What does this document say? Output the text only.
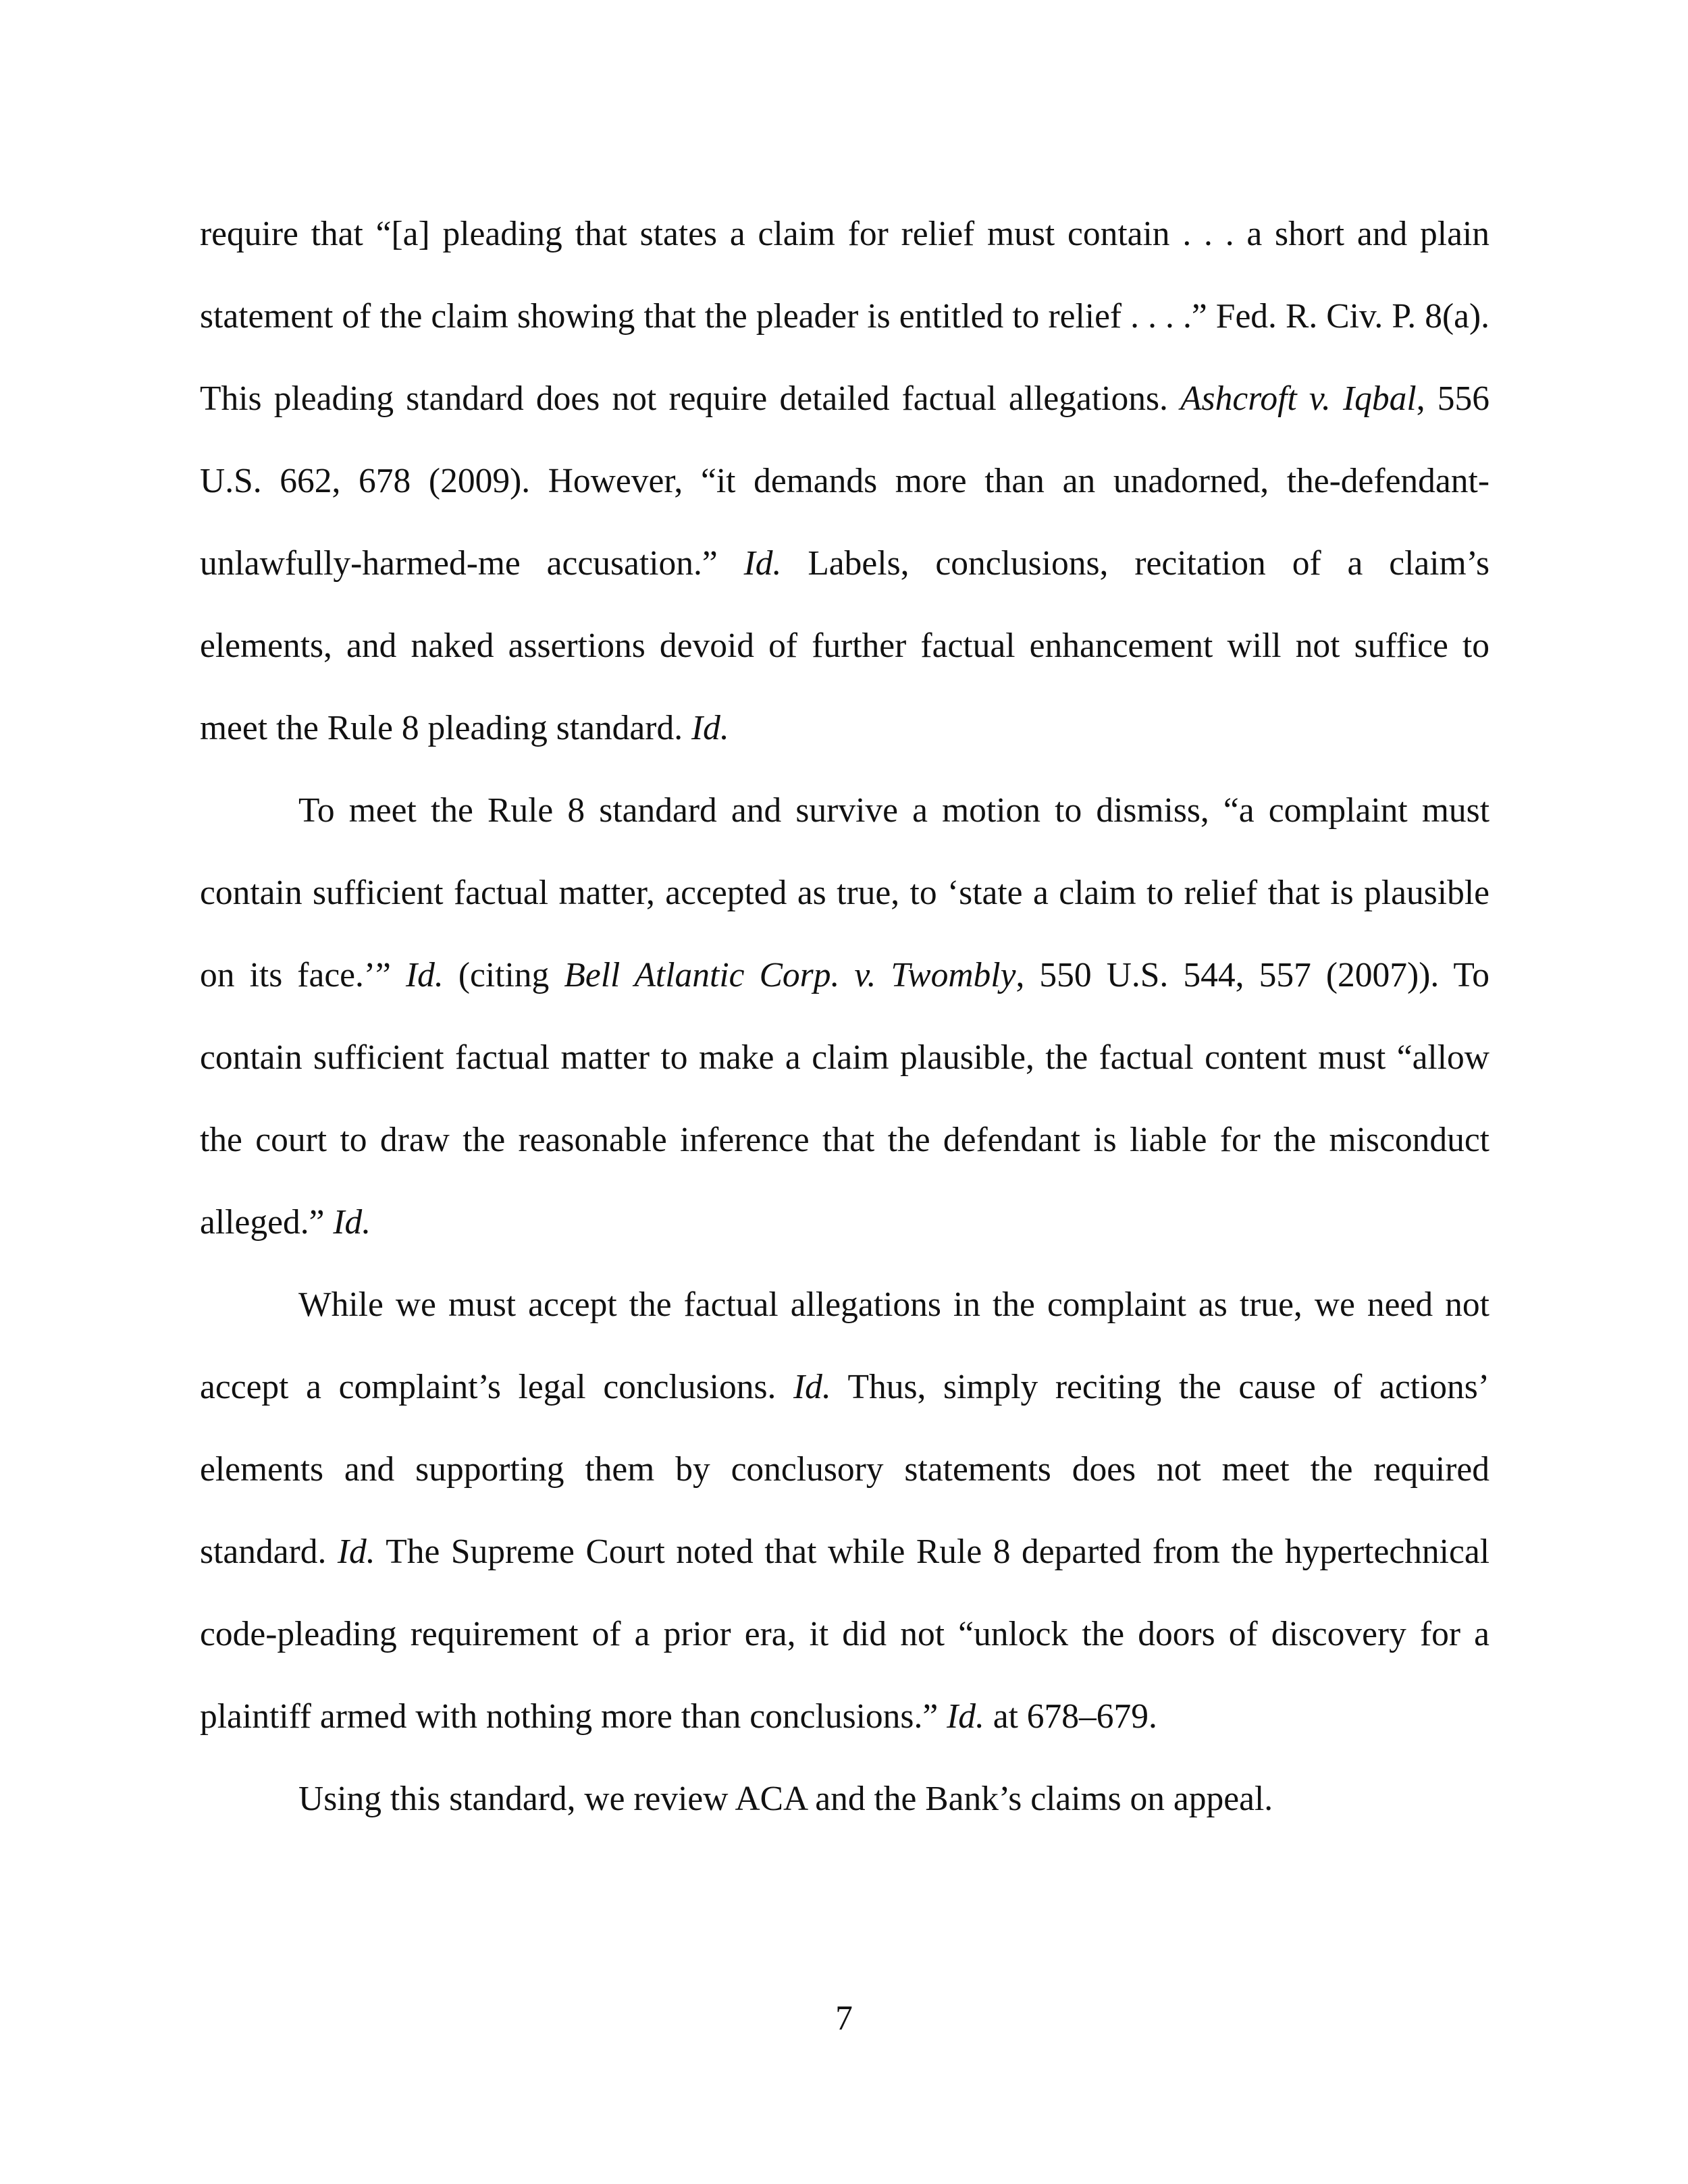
require that “[a] pleading that states a claim for relief must contain . . . a short and plain statement of the claim showing that the pleader is entitled to relief . . . .” Fed. R. Civ. P. 8(a). This pleading standard does not require detailed factual allegations. Ashcroft v. Iqbal, 556 U.S. 662, 678 (2009). However, “it demands more than an unadorned, the-defendant-unlawfully-harmed-me accusation.” Id. Labels, conclusions, recitation of a claim’s elements, and naked assertions devoid of further factual enhancement will not suffice to meet the Rule 8 pleading standard. Id.

To meet the Rule 8 standard and survive a motion to dismiss, “a complaint must contain sufficient factual matter, accepted as true, to ‘state a claim to relief that is plausible on its face.’” Id. (citing Bell Atlantic Corp. v. Twombly, 550 U.S. 544, 557 (2007)). To contain sufficient factual matter to make a claim plausible, the factual content must “allow the court to draw the reasonable inference that the defendant is liable for the misconduct alleged.” Id.

While we must accept the factual allegations in the complaint as true, we need not accept a complaint’s legal conclusions. Id. Thus, simply reciting the cause of actions’ elements and supporting them by conclusory statements does not meet the required standard. Id. The Supreme Court noted that while Rule 8 departed from the hypertechnical code-pleading requirement of a prior era, it did not “unlock the doors of discovery for a plaintiff armed with nothing more than conclusions.” Id. at 678–679.

Using this standard, we review ACA and the Bank’s claims on appeal.

7
